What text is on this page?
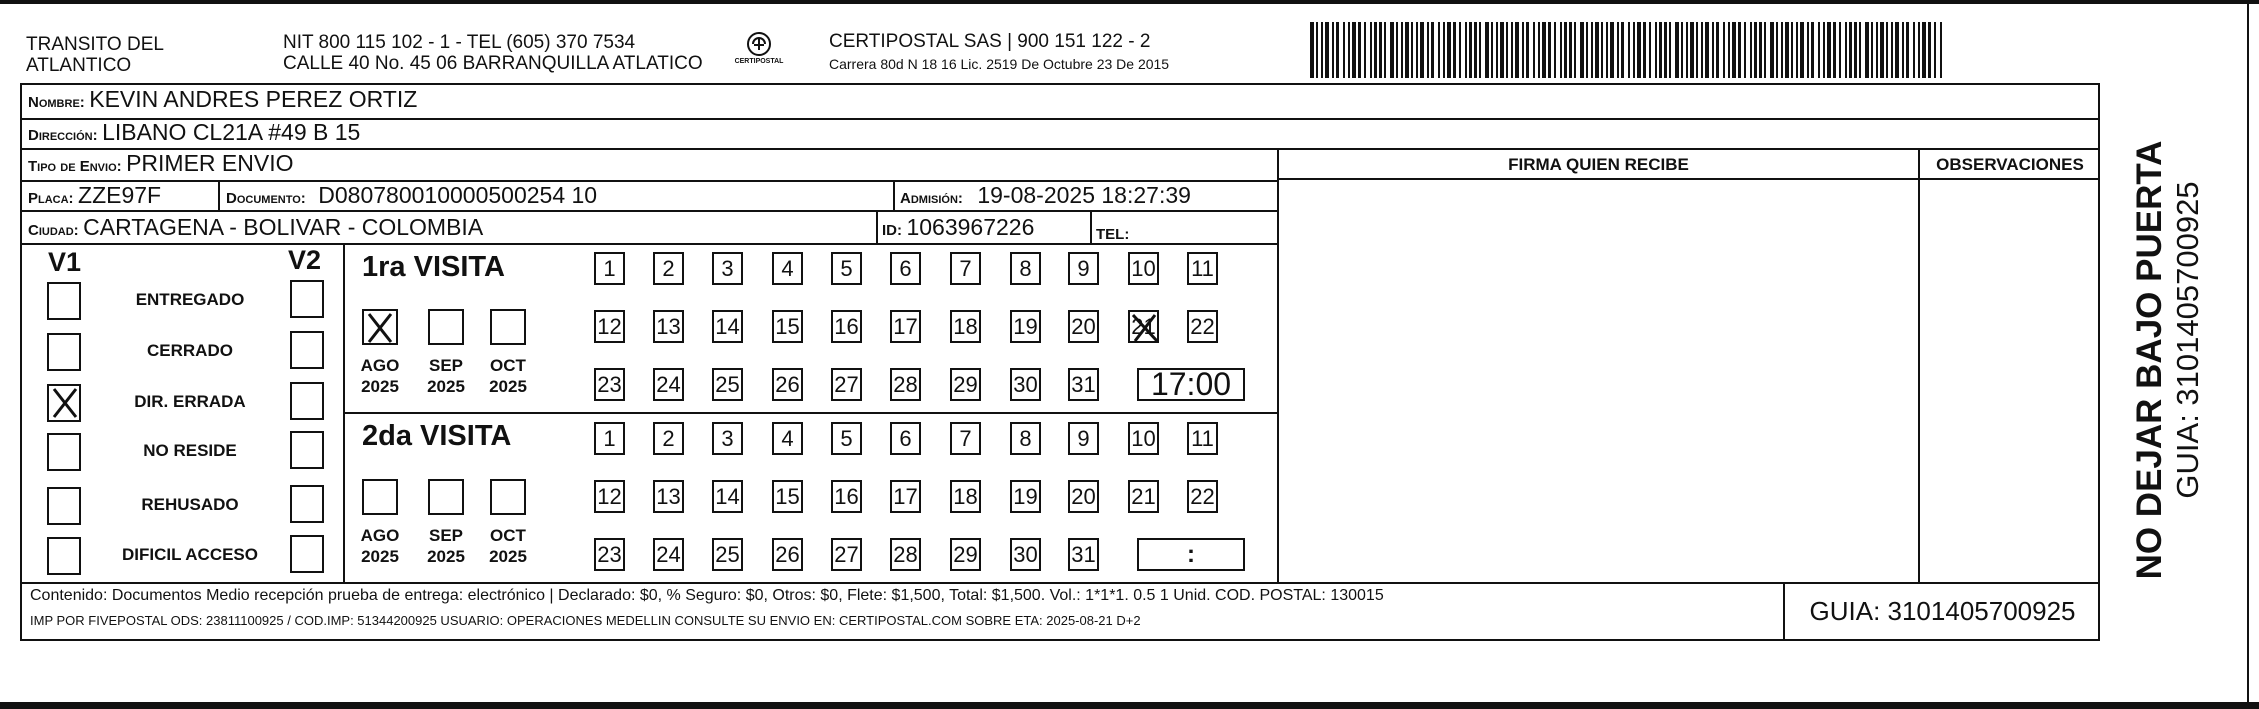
TRANSITO DEL
ATLANTICO
NIT 800 115 102 - 1 - TEL (605) 370 7534
CALLE 40 No. 45 06 BARRANQUILLA ATLATICO	CERTIPOSTAL
CERTIPOSTAL SAS | 900 151 122 - 2
Carrera 80d N 18 16 Lic. 2519 De Octubre 23 De 2015
Nombre: KEVIN ANDRES PEREZ ORTIZ
Dirección: LIBANO CL21A #49 B 15
Tipo de Envio: PRIMER ENVIO
Placa: ZZE97F	Documento: D080780010000500254 10	Admisión: 19-08-2025 18:27:39
Ciudad: CARTAGENA - BOLIVAR - COLOMBIA	ID: 1063967226	TEL:
FIRMA QUIEN RECIBE	OBSERVACIONES
V1	V2
ENTREGADO
CERRADO
DIR. ERRADA
NO RESIDE
REHUSADO
DIFICIL ACCESO
1ra VISITA
2da VISITA
AGO
2025
SEP
2025
OCT
2025
1 2 3 4 5 6 7 8 9 10 11
12 13 14 15 16 17 18 19 20 21 22
23 24 25 26 27 28 29 30 31 17:00
AGO
2025
SEP
2025
OCT
2025
1 2 3 4 5 6 7 8 9 10 11
12 13 14 15 16 17 18 19 20 21 22
23 24 25 26 27 28 29 30 31	:
Contenido: Documentos Medio recepción prueba de entrega: electrónico | Declarado: $0, % Seguro: $0, Otros: $0, Flete: $1,500, Total: $1,500. Vol.: 1*1*1. 0.5 1 Unid. COD. POSTAL: 130015
IMP POR FIVEPOSTAL ODS: 23811100925 / COD.IMP: 51344200925 USUARIO: OPERACIONES MEDELLIN CONSULTE SU ENVIO EN: CERTIPOSTAL.COM SOBRE ETA: 2025-08-21 D+2	GUIA: 3101405700925
NO DEJAR BAJO PUERTA GUIA: 3101405700925
